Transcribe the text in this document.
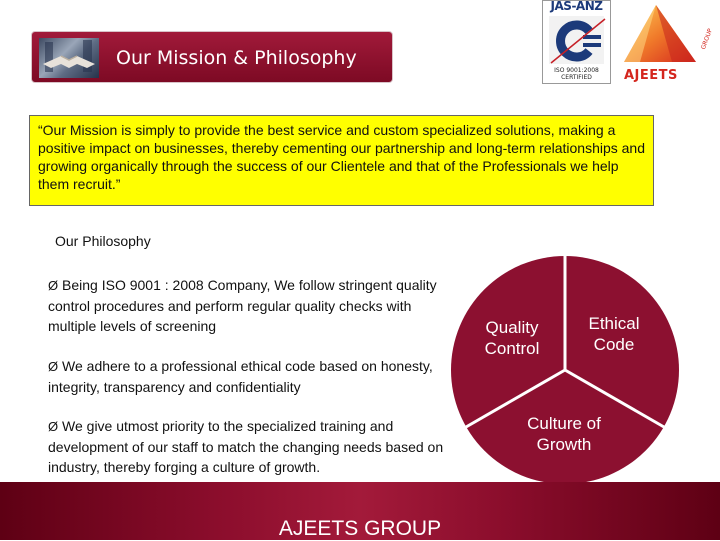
Our Mission & Philosophy
JAS-ANZ
ISO 9001:2008
CERTIFIED	AJEETS
GROUP
“Our Mission is simply to provide the best service and custom specialized solutions, making a positive impact on businesses, thereby cementing our partnership and long-term relationships and growing organically through the success of our Clientele and that of the Professionals we help them recruit.”
Our Philosophy
Ø Being ISO 9001 : 2008 Company, We follow stringent quality control procedures and perform regular quality checks with multiple levels of screening
Ø We adhere to a professional ethical code based on honesty, integrity, transparency and confidentiality
Ø We give utmost priority to the specialized training and development of our staff to match the changing needs based on industry, thereby forging a culture of growth.
Quality Control
Ethical Code
Culture of Growth
AJEETS GROUP
